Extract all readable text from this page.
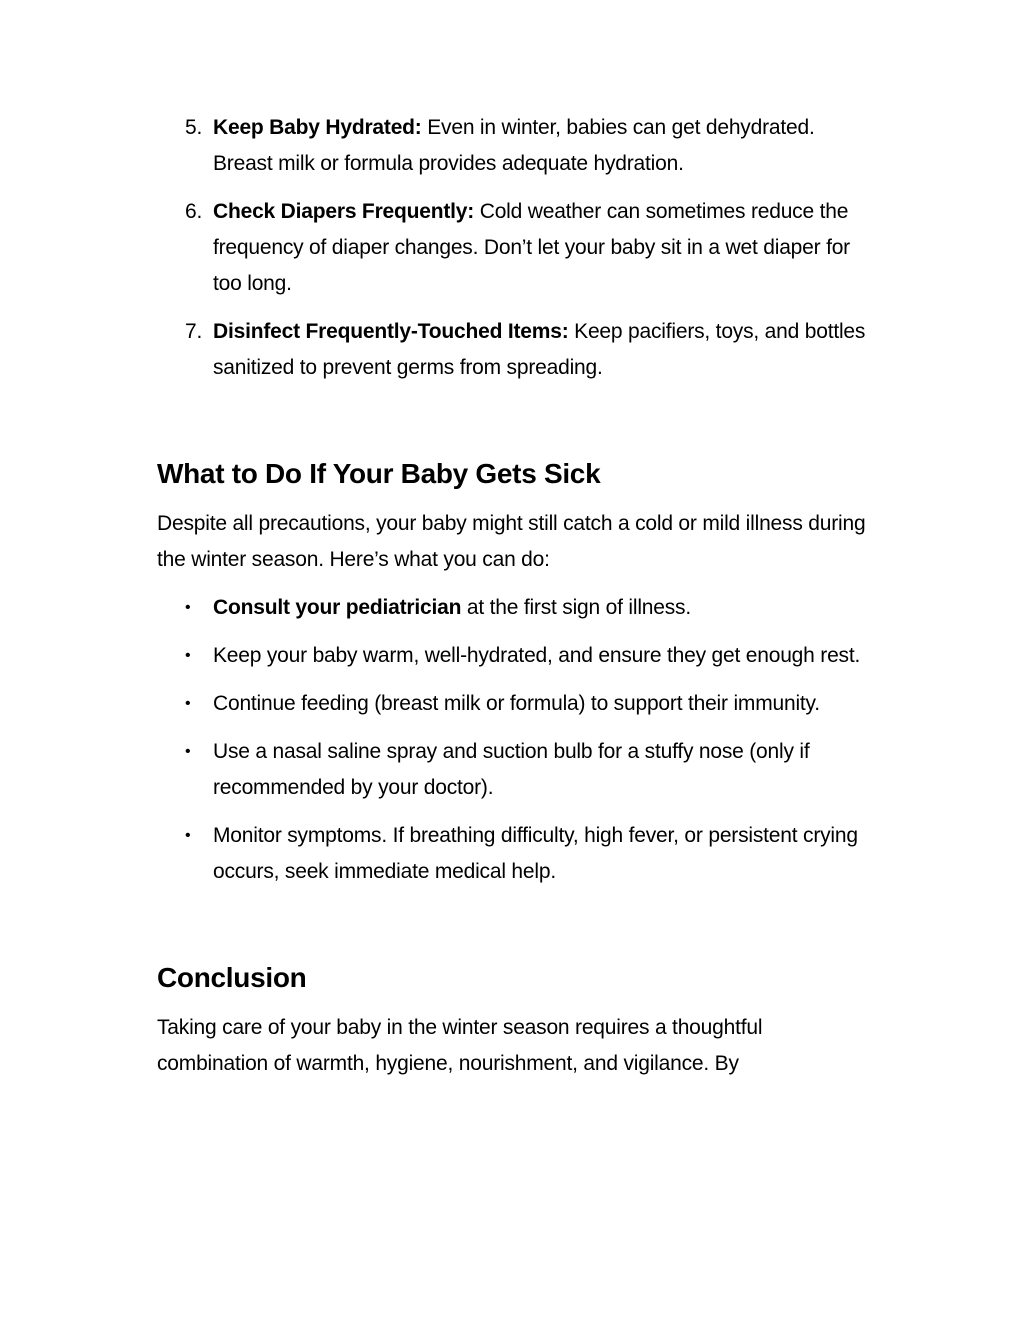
5. Keep Baby Hydrated: Even in winter, babies can get dehydrated. Breast milk or formula provides adequate hydration.
6. Check Diapers Frequently: Cold weather can sometimes reduce the frequency of diaper changes. Don’t let your baby sit in a wet diaper for too long.
7. Disinfect Frequently-Touched Items: Keep pacifiers, toys, and bottles sanitized to prevent germs from spreading.
What to Do If Your Baby Gets Sick

Despite all precautions, your baby might still catch a cold or mild illness during the winter season. Here’s what you can do:

• Consult your pediatrician at the first sign of illness.
• Keep your baby warm, well-hydrated, and ensure they get enough rest.
• Continue feeding (breast milk or formula) to support their immunity.
• Use a nasal saline spray and suction bulb for a stuffy nose (only if recommended by your doctor).
• Monitor symptoms. If breathing difficulty, high fever, or persistent crying occurs, seek immediate medical help.
Conclusion

Taking care of your baby in the winter season requires a thoughtful combination of warmth, hygiene, nourishment, and vigilance. By
